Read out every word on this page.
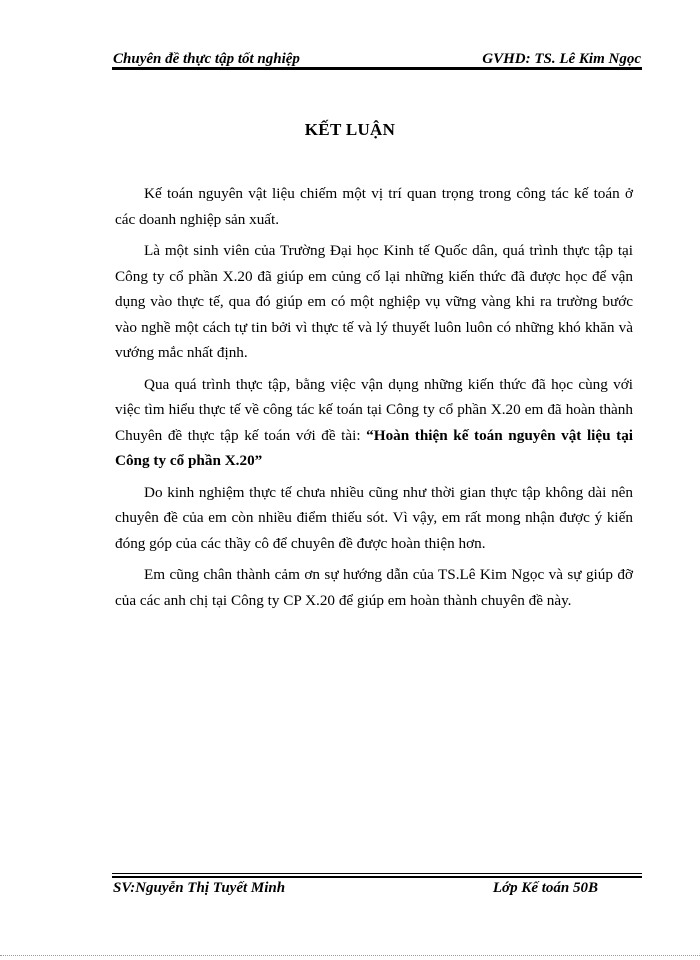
Chuyên đề thực tập tốt nghiệp	GVHD: TS. Lê Kim Ngọc
KẾT LUẬN

Kế toán nguyên vật liệu chiếm một vị trí quan trọng trong công tác kế toán ở các doanh nghiệp sản xuất.

Là một sinh viên của Trường Đại học Kinh tế Quốc dân, quá trình thực tập tại Công ty cổ phần X.20 đã giúp em củng cố lại những kiến thức đã được học để vận dụng vào thực tế, qua đó giúp em có một nghiệp vụ vững vàng khi ra trường bước vào nghề một cách tự tin bởi vì thực tế và lý thuyết luôn luôn có những khó khăn và vướng mắc nhất định.

Qua quá trình thực tập, bằng việc vận dụng những kiến thức đã học cùng với việc tìm hiểu thực tế về công tác kế toán tại Công ty cổ phần X.20 em đã hoàn thành Chuyên đề thực tập kế toán với đề tài: “Hoàn thiện kế toán nguyên vật liệu tại Công ty cổ phần X.20”

Do kinh nghiệm thực tế chưa nhiều cũng như thời gian thực tập không dài nên chuyên đề của em còn nhiều điểm thiếu sót. Vì vậy, em rất mong nhận được ý kiến đóng góp của các thầy cô để chuyên đề được hoàn thiện hơn.

Em cũng chân thành cảm ơn sự hướng dẫn của TS.Lê Kim Ngọc và sự giúp đỡ của các anh chị tại Công ty CP X.20 để giúp em hoàn thành chuyên đề này.

SV:Nguyễn Thị Tuyết Minh	Lớp Kế toán 50B
